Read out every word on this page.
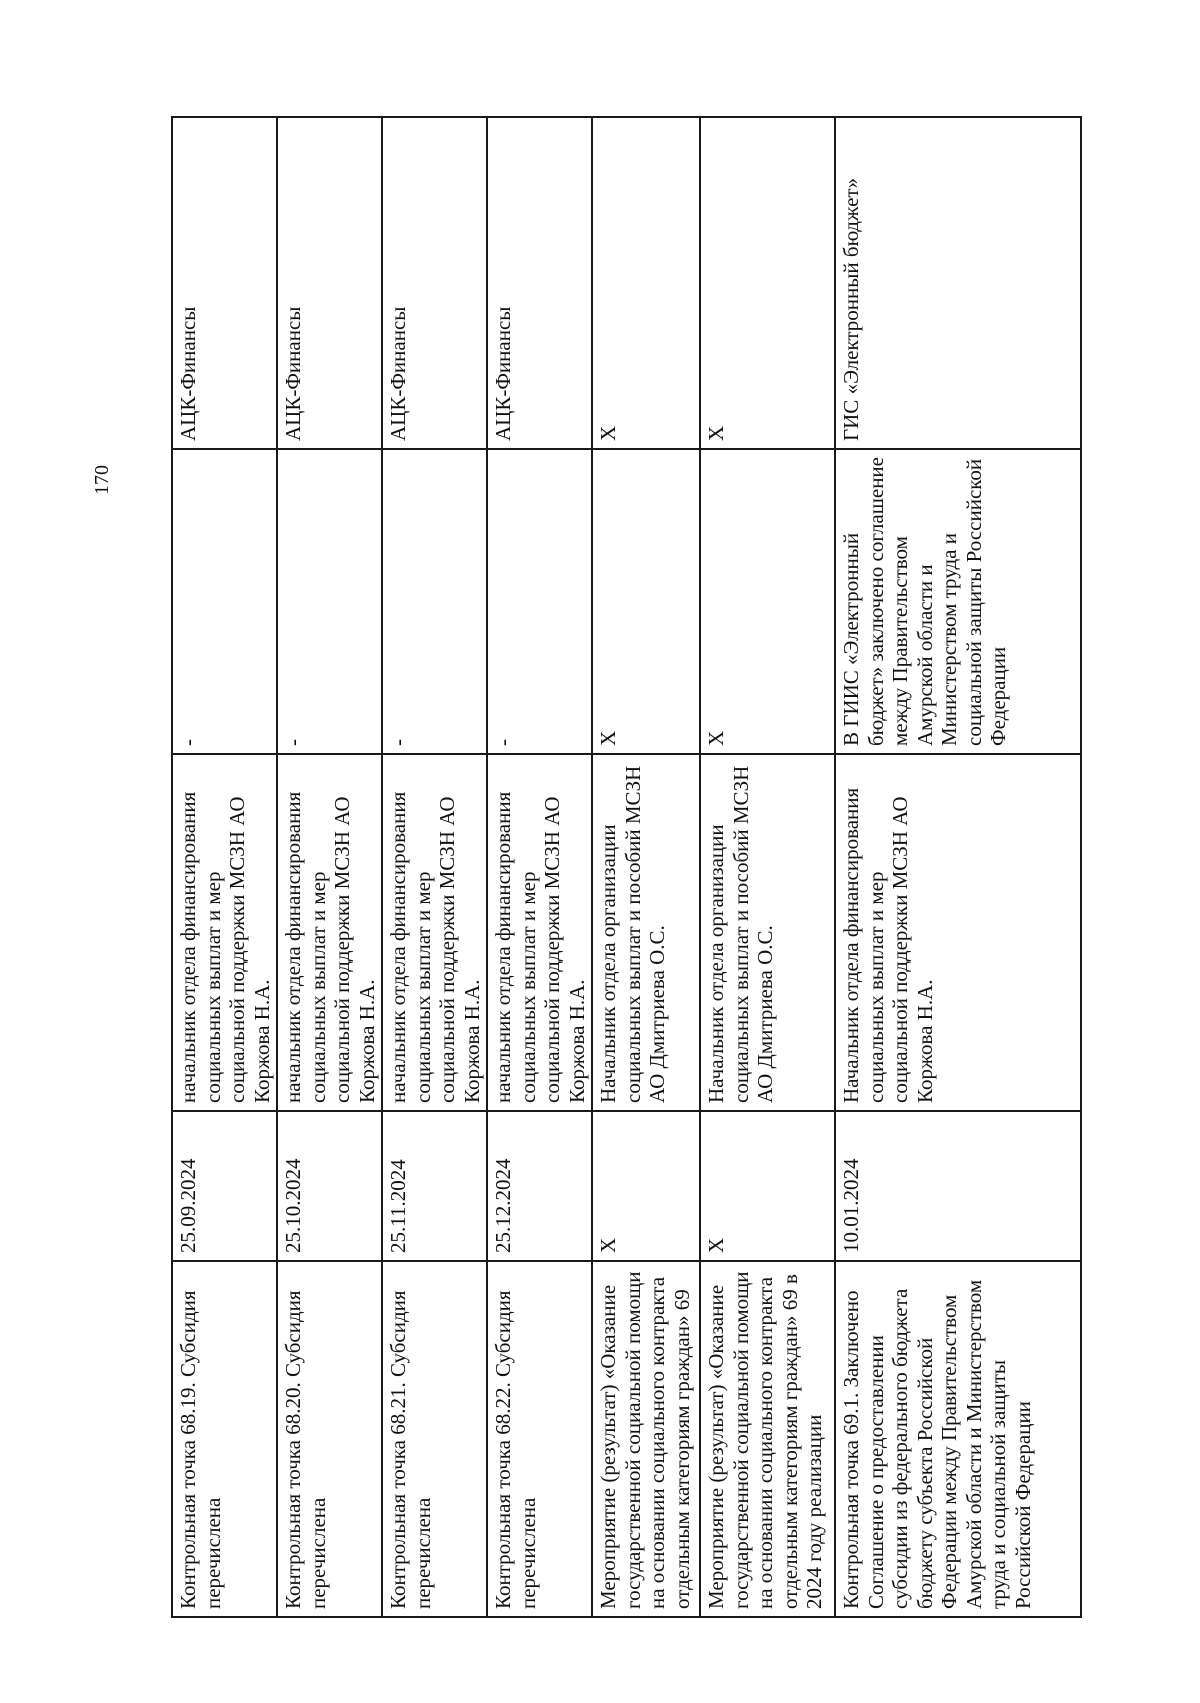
170
Контрольная точка 68.19. Субсидия перечислена	25.09.2024	начальник отдела финансирования социальных выплат и мер социальной поддержки МСЗН АО Коржова Н.А.	-	АЦК-Финансы
Контрольная точка 68.20. Субсидия перечислена	25.10.2024	начальник отдела финансирования социальных выплат и мер социальной поддержки МСЗН АО Коржова Н.А.	-	АЦК-Финансы
Контрольная точка 68.21. Субсидия перечислена	25.11.2024	начальник отдела финансирования социальных выплат и мер социальной поддержки МСЗН АО Коржова Н.А.	-	АЦК-Финансы
Контрольная точка 68.22. Субсидия перечислена	25.12.2024	начальник отдела финансирования социальных выплат и мер социальной поддержки МСЗН АО Коржова Н.А.	-	АЦК-Финансы
Мероприятие (результат) «Оказание государственной социальной помощи на основании социального контракта отдельным категориям граждан» 69	X	Начальник отдела организации социальных выплат и пособий МСЗН АО Дмитриева О.С.	X	X
Мероприятие (результат) «Оказание государственной социальной помощи на основании социального контракта отдельным категориям граждан» 69 в 2024 году реализации	X	Начальник отдела организации социальных выплат и пособий МСЗН АО Дмитриева О.С.	X	X
Контрольная точка 69.1. Заключено Соглашение о предоставлении субсидии из федерального бюджета бюджету субъекта Российской Федерации между Правительством Амурской области и Министерством труда и социальной защиты Российской Федерации	10.01.2024	Начальник отдела финансирования социальных выплат и мер социальной поддержки МСЗН АО Коржова Н.А.	В ГИИС «Электронный бюджет» заключено соглашение между Правительством Амурской области и Министерством труда и социальной защиты Российской Федерации	ГИС «Электронный бюджет»
